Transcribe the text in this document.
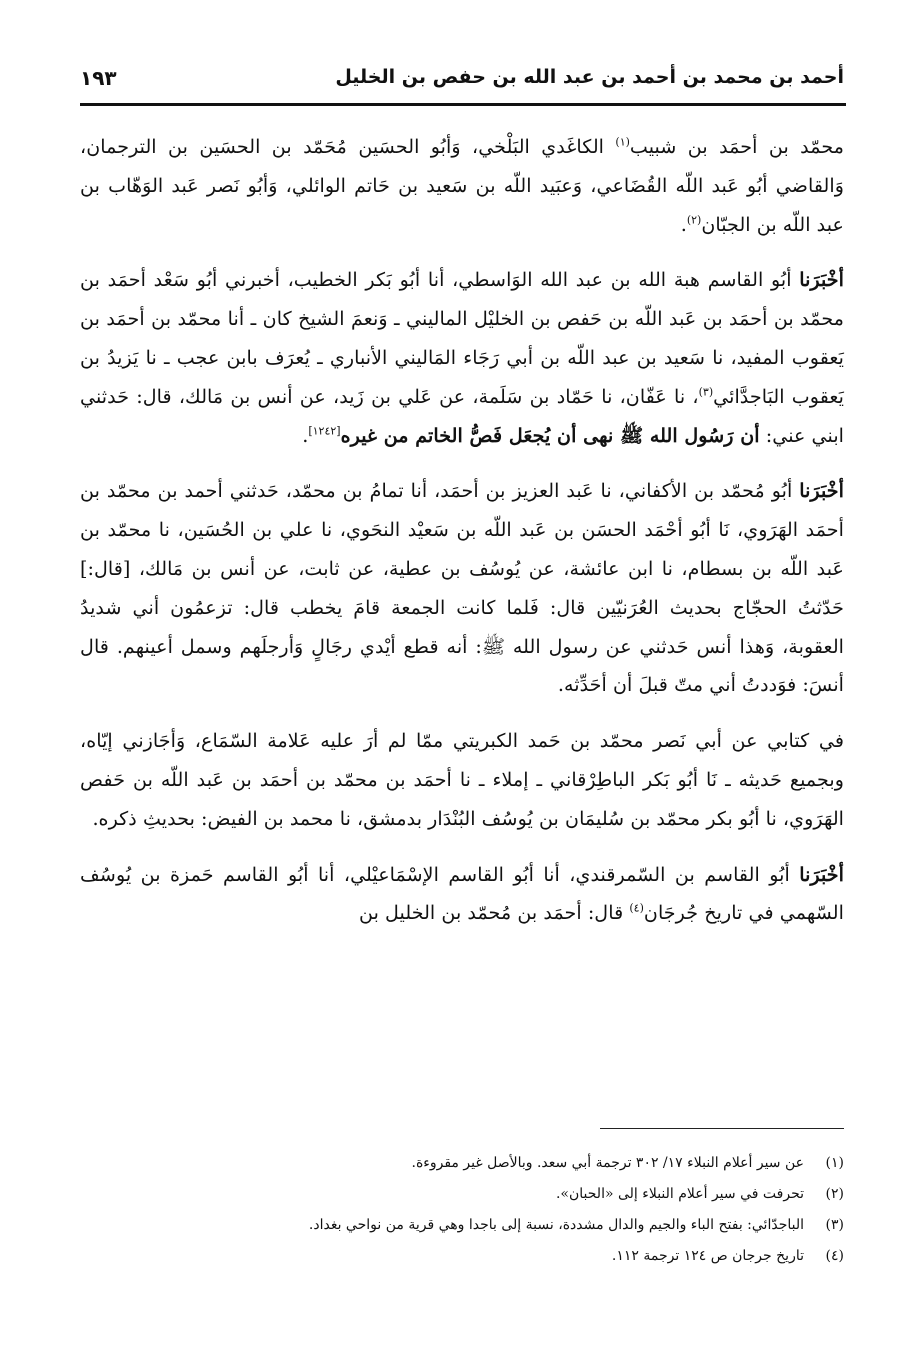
أحمد بن محمد بن أحمد بن عبد الله بن حفص بن الخليل
١٩٣

محمّد بن أحمَد بن شبيب$^{(١)}$ الكاغَدي البَلْخي، وَأبُو الحسَين مُحَمّد بن الحسَين بن الترجمان، وَالقاضي أبُو عَبد اللّه القُضَاعي، وَعبَيد اللّه بن سَعيد بن حَاتم الوائلي، وَأبُو نَصر عَبد الوَهّاب بن عبد اللّه بن الجبّان$^{(٢)}$.

أخْبَرَنا أبُو القاسم هبة الله بن عبد الله الوَاسطي، أنا أبُو بَكر الخطيب، أخبرني أبُو سَعْد أحمَد بن محمّد بن أحمَد بن عَبد اللّه بن حَفص بن الخليْل الماليني ـ وَنعمَ الشيخ كان ـ أنا محمّد بن أحمَد بن يَعقوب المفيد، نا سَعيد بن عبد اللّه بن أبي رَجَاء المَاليني الأنباري ـ يُعرَف بابن عجب ـ نا يَزيدُ بن يَعقوب البَاجدَّائي$^{(٣)}$، نا عَفّان، نا حَمّاد بن سَلَمة، عن عَلي بن زَيد، عن أنس بن مَالك، قال: حَدثني ابني عني: أن رَسُول الله ﷺ نهى أن يُجعَل فَصُّ الخاتم من غيره[١٢٤٢].

أخْبَرَنا أبُو مُحمّد بن الأكفاني، نا عَبد العزيز بن أحمَد، أنا تمامُ بن محمّد، حَدثني أحمد بن محمّد بن أحمَد الهَرَوي، نَا أبُو أحْمَد الحسَن بن عَبد اللّه بن سَعيْد النحَوي، نا علي بن الحُسَين، نا محمّد بن عَبد اللّه بن بسطام، نا ابن عائشة، عن يُوسُف بن عطية، عن ثابت، عن أنس بن مَالك، [قال:] حَدّثتُ الحجّاج بحديث العُرَنيّين قال: فَلما كانت الجمعة قامَ يخطب قال: تزعمُون أني شديدُ العقوبة، وَهذا أنس حَدثني عن رسول الله ﷺ: أنه قطع أيْدي رجَالٍ وَأرجلَهم وسمل أعينهم. قال أنسَ: فوَددتُ أني متّ قبلَ أن أحَدِّثه.

في كتابي عن أبي نَصر محمّد بن حَمد الكبريتي ممّا لم أرَ عليه عَلامة السّمَاع، وَأجَازني إيّاه، وبجميع حَديثه ـ نَا أبُو بَكر الباطِرْقاني ـ إملاء ـ نا أحمَد بن محمّد بن أحمَد بن عَبد اللّه بن حَفص الهَرَوي، نا أبُو بكر محمّد بن سُليمَان بن يُوسُف البُنْدَار بدمشق، نا محمد بن الفيض: بحديثِ ذكره.

أخْبَرَنا أبُو القاسم بن السّمرقندي، أنا أبُو القاسم الإسْمَاعيْلي، أنا أبُو القاسم حَمزة بن يُوسُف السّهمي في تاريخ جُرجَان$^{(٤)}$ قال: أحمَد بن مُحمّد بن الخليل بن

(١)عن سير أعلام النبلاء ١٧/ ٣٠٢ ترجمة أبي سعد. وبالأصل غير مقروءة.
(٢)تحرفت في سير أعلام النبلاء إلى «الحبان».
(٣)الباجدّائي: بفتح الباء والجيم والدال مشددة، نسبة إلى باجدا وهي قرية من نواحي بغداد.
(٤)تاريخ جرجان ص ١٢٤ ترجمة ١١٢.
